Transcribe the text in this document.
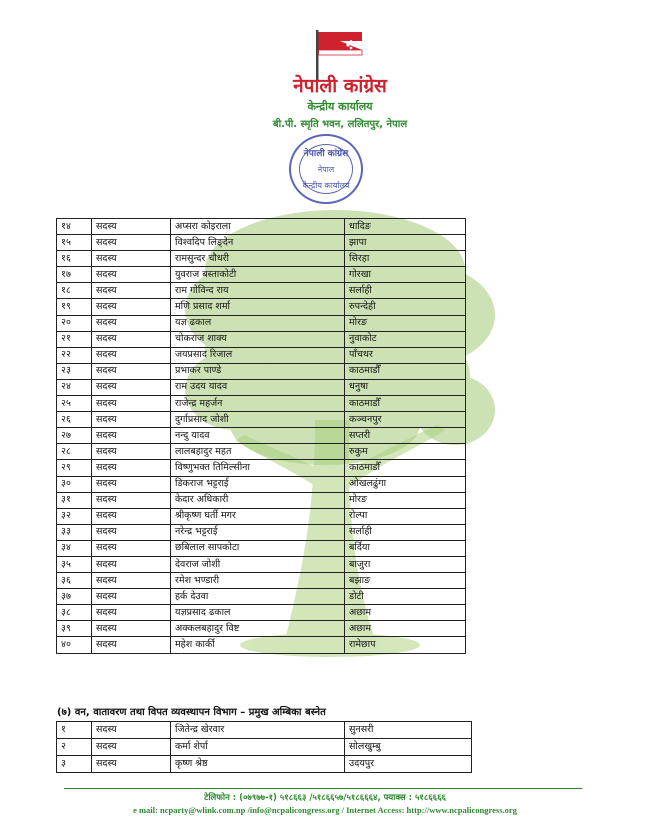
नेपाली कांग्रेस
केन्द्रीय कार्यालय
बी.पी. स्मृति भवन, ललितपुर, नेपाल
नेपाली कांग्रेस
नेपाल
केन्द्रीय कार्यालय
१४	सदस्य	अप्सरा कोइराला	धादिङ
१५	सदस्य	विश्वदिप लिङ्देन	झापा
१६	सदस्य	रामसुन्दर चौधरी	सिरहा
१७	सदस्य	युवराज बस्ताकोटी	गोरखा
१८	सदस्य	राम गोविन्द राय	सर्लाही
१९	सदस्य	मणि प्रसाद शर्मा	रुपन्देही
२०	सदस्य	यज्ञ ढकाल	मोरङ
२१	सदस्य	चोकराज शाक्य	नुवाकोट
२२	सदस्य	जयप्रसाद रिजाल	पाँचथर
२३	सदस्य	प्रभाकर पाण्डे	काठमाडौँ
२४	सदस्य	राम उदय यादव	धनुषा
२५	सदस्य	राजेन्द्र महर्जन	काठमाडौँ
२६	सदस्य	दुर्गाप्रसाद जोशी	कञ्चनपुर
२७	सदस्य	नन्दु यादव	सप्तरी
२८	सदस्य	लालबहादुर महत	रुकुम
२९	सदस्य	विष्णुभक्त तिमिल्सीना	काठमाडौँ
३०	सदस्य	डिकराज भट्टराई	ओखलढुंगा
३१	सदस्य	केदार अधिकारी	मोरङ
३२	सदस्य	श्रीकृष्ण घर्ती मगर	रोल्पा
३३	सदस्य	नरेन्द्र भट्टराई	सर्लाही
३४	सदस्य	छबिलाल सापकोटा	बर्दिया
३५	सदस्य	देवराज जोशी	बाजुरा
३६	सदस्य	रमेश भण्डारी	बझाङ
३७	सदस्य	हर्क देउवा	डोटी
३८	सदस्य	यज्ञप्रसाद ढकाल	अछाम
३९	सदस्य	अक्कलबहादुर विष्ट	अछाम
४०	सदस्य	महेश कार्की	रामेछाप
(७) वन, वातावरण तथा विपत व्यवस्थापन विभाग – प्रमुख अम्बिका बस्नेत
१	सदस्य	जितेन्द्र खेरवार	सुनसरी
२	सदस्य	कर्मा शेर्पा	सोलखुम्बु
३	सदस्य	कृष्ण श्रेष्ठ	उदयपुर
टेलिफोन : (०७९७७-१) ५१८६६३ /५१८६६५७/५१८६६६४, फ्याक्स : ५१८६६६६
e mail: ncparty@wlink.com.np /info@ncpalicongress.org / Internet Access: http://www.ncpalicongress.org
